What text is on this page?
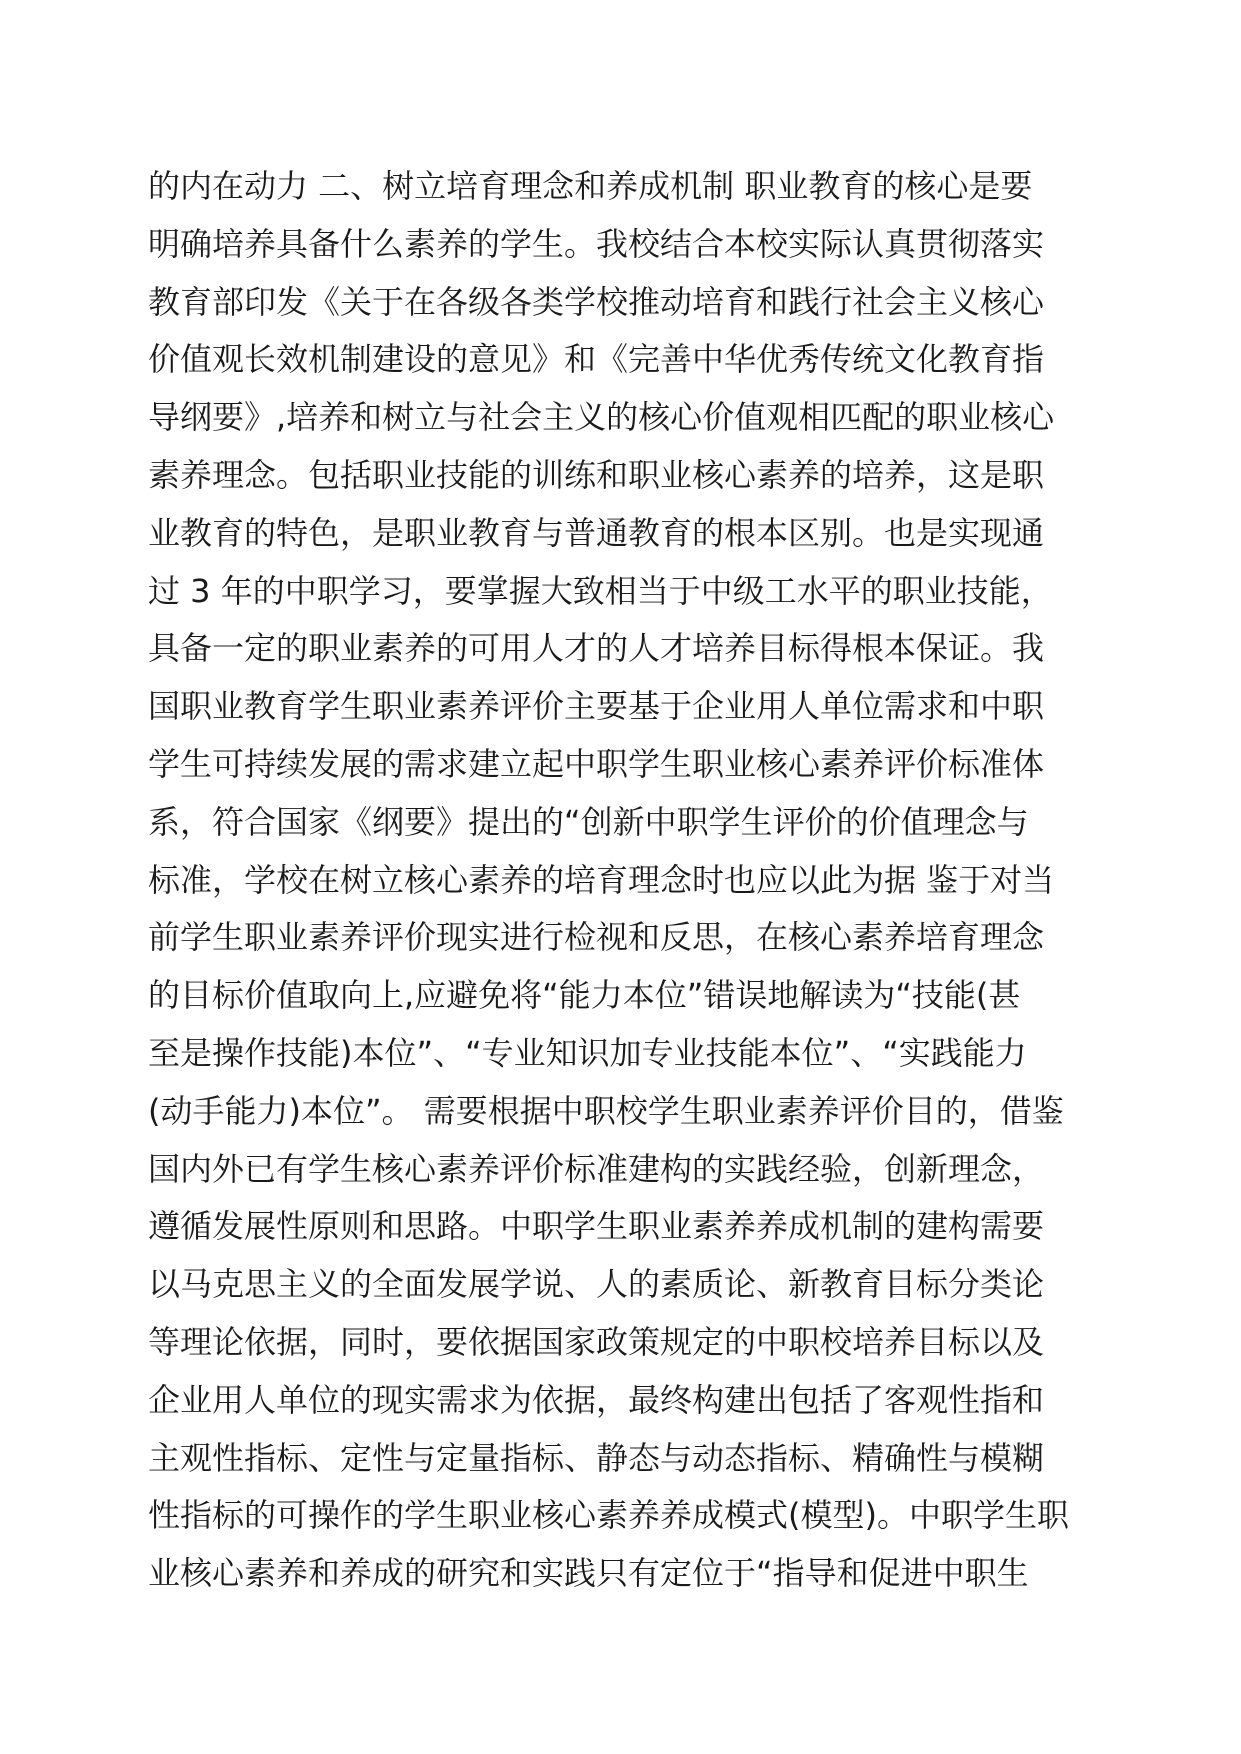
的内在动力 二、树立培育理念和养成机制 职业教育的核心是要
明确培养具备什么素养的学生。我校结合本校实际认真贯彻落实
教育部印发《关于在各级各类学校推动培育和践行社会主义核心
价值观长效机制建设的意见》和《完善中华优秀传统文化教育指
导纲要》,培养和树立与社会主义的核心价值观相匹配的职业核心
素养理念。包括职业技能的训练和职业核心素养的培养，这是职
业教育的特色，是职业教育与普通教育的根本区别。也是实现通
过 3 年的中职学习，要掌握大致相当于中级工水平的职业技能，
具备一定的职业素养的可用人才的人才培养目标得根本保证。我
国职业教育学生职业素养评价主要基于企业用人单位需求和中职
学生可持续发展的需求建立起中职学生职业核心素养评价标准体
系，符合国家《纲要》提出的“创新中职学生评价的价值理念与
标准，学校在树立核心素养的培育理念时也应以此为据 鉴于对当
前学生职业素养评价现实进行检视和反思，在核心素养培育理念
的目标价值取向上,应避免将“能力本位”错误地解读为“技能(甚
至是操作技能)本位”、“专业知识加专业技能本位”、“实践能力
(动手能力)本位”。 需要根据中职校学生职业素养评价目的，借鉴
国内外已有学生核心素养评价标准建构的实践经验，创新理念，
遵循发展性原则和思路。中职学生职业素养养成机制的建构需要
以马克思主义的全面发展学说、人的素质论、新教育目标分类论
等理论依据，同时，要依据国家政策规定的中职校培养目标以及
企业用人单位的现实需求为依据，最终构建出包括了客观性指和
主观性指标、定性与定量指标、静态与动态指标、精确性与模糊
性指标的可操作的学生职业核心素养养成模式(模型)。中职学生职
业核心素养和养成的研究和实践只有定位于“指导和促进中职生
